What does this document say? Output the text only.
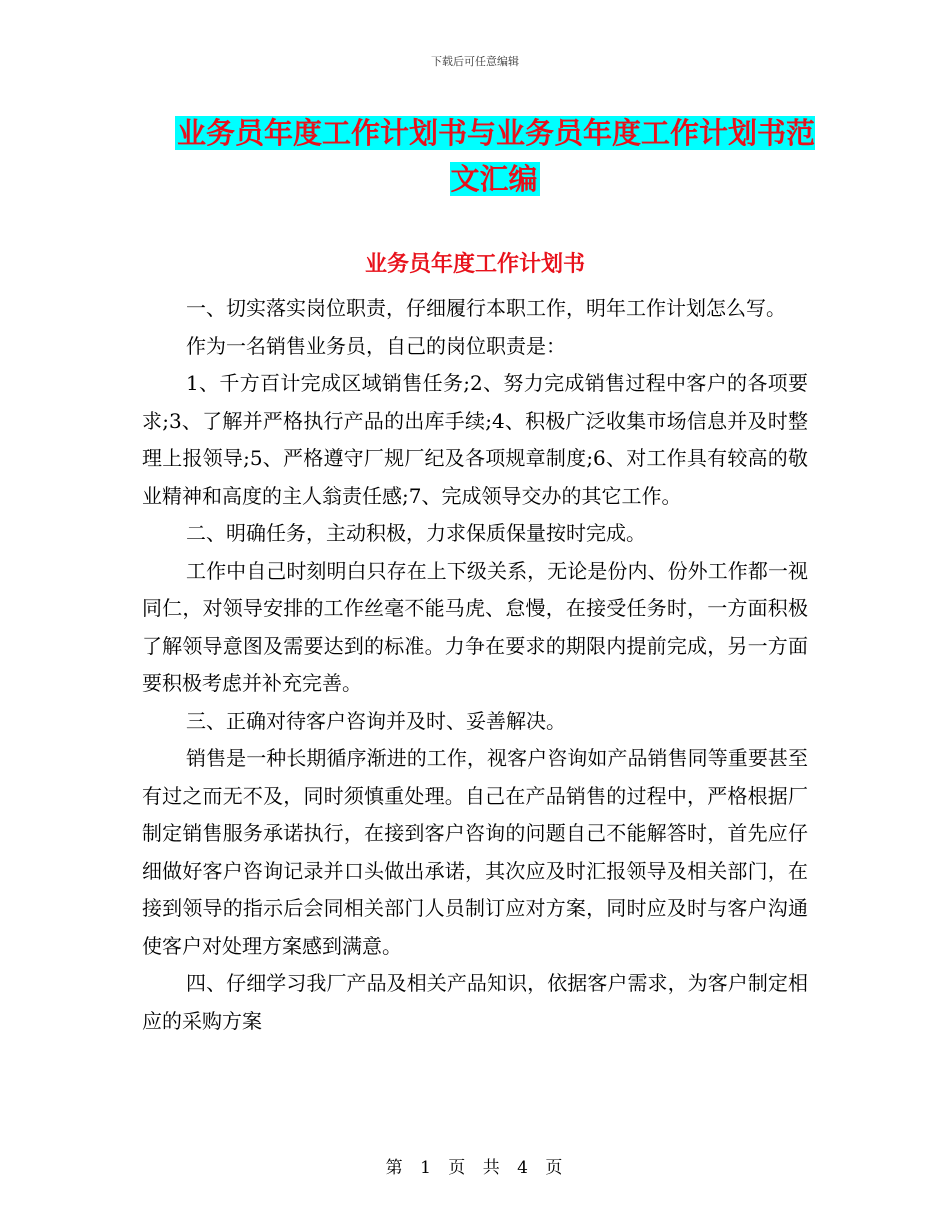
下载后可任意编辑
业务员年度工作计划书与业务员年度工作计划书范文汇编
业务员年度工作计划书

一、切实落实岗位职责，仔细履行本职工作，明年工作计划怎么写。

作为一名销售业务员，自己的岗位职责是：

1、千方百计完成区域销售任务;2、努力完成销售过程中客户的各项要求;3、了解并严格执行产品的出库手续;4、积极广泛收集市场信息并及时整理上报领导;5、严格遵守厂规厂纪及各项规章制度;6、对工作具有较高的敬业精神和高度的主人翁责任感;7、完成领导交办的其它工作。

二、明确任务，主动积极，力求保质保量按时完成。

工作中自己时刻明白只存在上下级关系，无论是份内、份外工作都一视同仁，对领导安排的工作丝毫不能马虎、怠慢，在接受任务时，一方面积极了解领导意图及需要达到的标准。力争在要求的期限内提前完成，另一方面要积极考虑并补充完善。

三、正确对待客户咨询并及时、妥善解决。

销售是一种长期循序渐进的工作，视客户咨询如产品销售同等重要甚至有过之而无不及，同时须慎重处理。自己在产品销售的过程中，严格根据厂制定销售服务承诺执行，在接到客户咨询的问题自己不能解答时，首先应仔细做好客户咨询记录并口头做出承诺，其次应及时汇报领导及相关部门，在接到领导的指示后会同相关部门人员制订应对方案，同时应及时与客户沟通使客户对处理方案感到满意。

四、仔细学习我厂产品及相关产品知识，依据客户需求，为客户制定相应的采购方案

第 1 页 共 4 页
